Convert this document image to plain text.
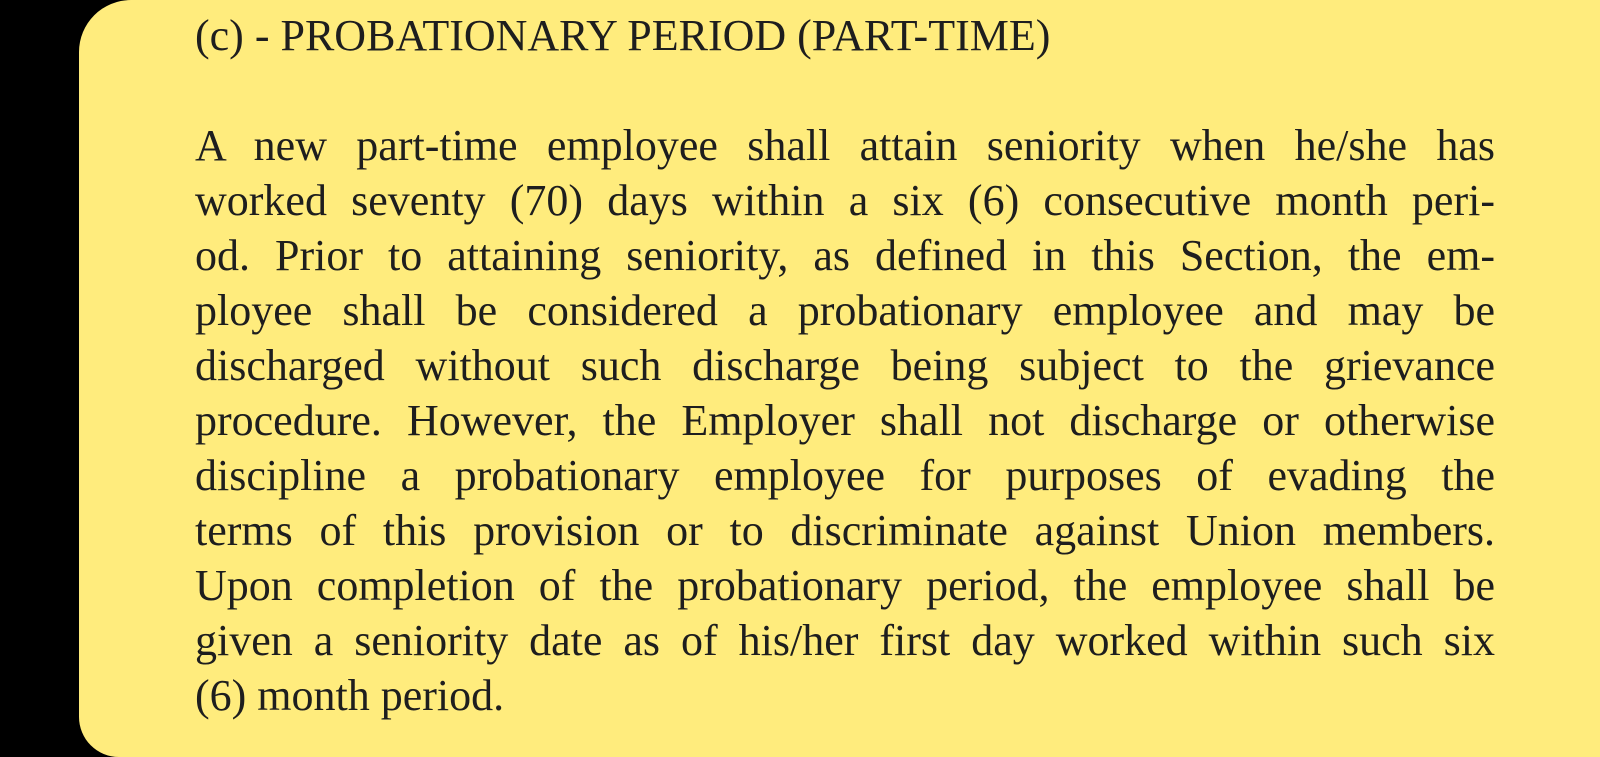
(c) - PROBATIONARY PERIOD (PART-TIME)
A new part-time employee shall attain seniority when he/she has
worked seventy (70) days within a six (6) consecutive month peri-
od. Prior to attaining seniority, as defined in this Section, the em-
ployee shall be considered a probationary employee and may be
discharged without such discharge being subject to the grievance
procedure. However, the Employer shall not discharge or otherwise
discipline a probationary employee for purposes of evading the
terms of this provision or to discriminate against Union members.
Upon completion of the probationary period, the employee shall be
given a seniority date as of his/her first day worked within such six
(6) month period.
